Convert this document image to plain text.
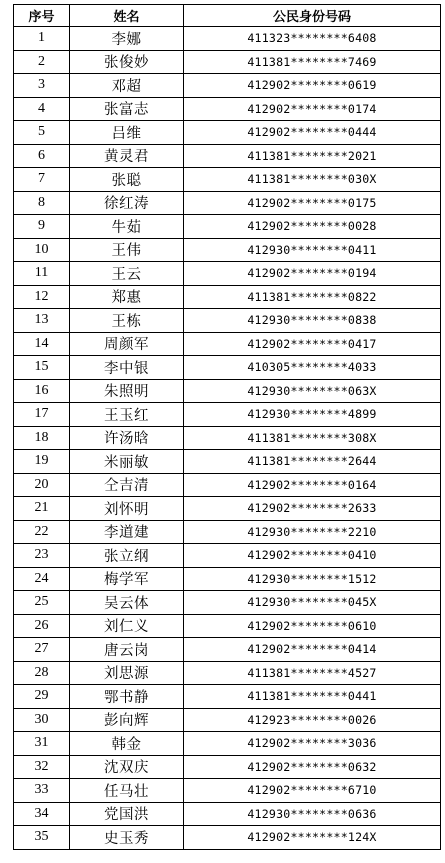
序号	姓名	公民身份号码
1	李娜	411323********6408
2	张俊妙	411381********7469
3	邓超	412902********0619
4	张富志	412902********0174
5	吕维	412902********0444
6	黄灵君	411381********2021
7	张聪	411381********030X
8	徐红涛	412902********0175
9	牛茹	412902********0028
10	王伟	412930********0411
11	王云	412902********0194
12	郑惠	411381********0822
13	王栋	412930********0838
14	周颜军	412902********0417
15	李中银	410305********4033
16	朱照明	412930********063X
17	王玉红	412930********4899
18	许汤晗	411381********308X
19	米丽敏	411381********2644
20	仝吉清	412902********0164
21	刘怀明	412902********2633
22	李道建	412930********2210
23	张立纲	412902********0410
24	梅学军	412930********1512
25	吴云体	412930********045X
26	刘仁义	412902********0610
27	唐云岗	412902********0414
28	刘思源	411381********4527
29	鄂书静	411381********0441
30	彭向辉	412923********0026
31	韩金	412902********3036
32	沈双庆	412902********0632
33	任马壮	412902********6710
34	党国洪	412930********0636
35	史玉秀	412902********124X
